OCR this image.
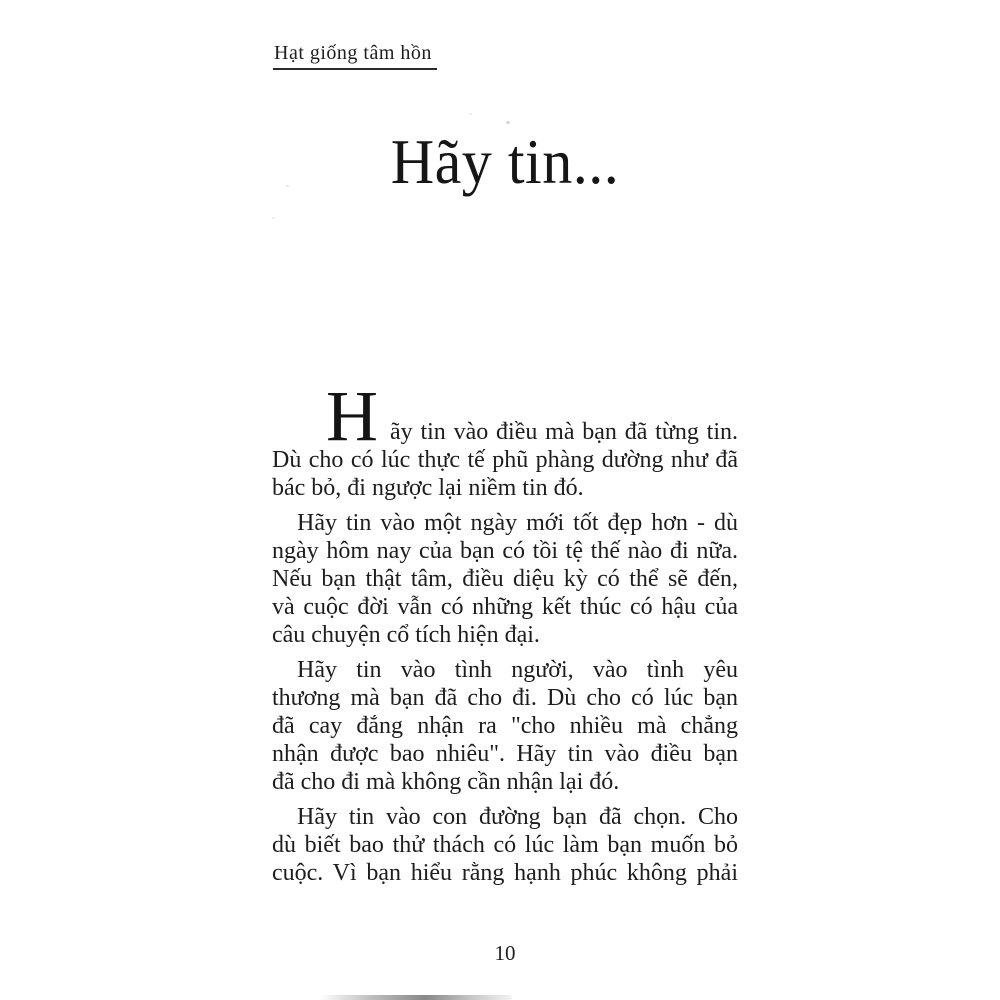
Hạt giống tâm hồn
Hãy tin...
H ãy tin vào điều mà bạn đã từng tin.
Dù cho có lúc thực tế phũ phàng dường như đã
bác bỏ, đi ngược lại niềm tin đó.

Hãy tin vào một ngày mới tốt đẹp hơn - dù
ngày hôm nay của bạn có tồi tệ thế nào đi nữa.
Nếu bạn thật tâm, điều diệu kỳ có thể sẽ đến,
và cuộc đời vẫn có những kết thúc có hậu của
câu chuyện cổ tích hiện đại.

Hãy tin vào tình người, vào tình yêu
thương mà bạn đã cho đi. Dù cho có lúc bạn
đã cay đắng nhận ra "cho nhiều mà chẳng
nhận được bao nhiêu". Hãy tin vào điều bạn
đã cho đi mà không cần nhận lại đó.

Hãy tin vào con đường bạn đã chọn. Cho
dù biết bao thử thách có lúc làm bạn muốn bỏ
cuộc. Vì bạn hiểu rằng hạnh phúc không phải

10
